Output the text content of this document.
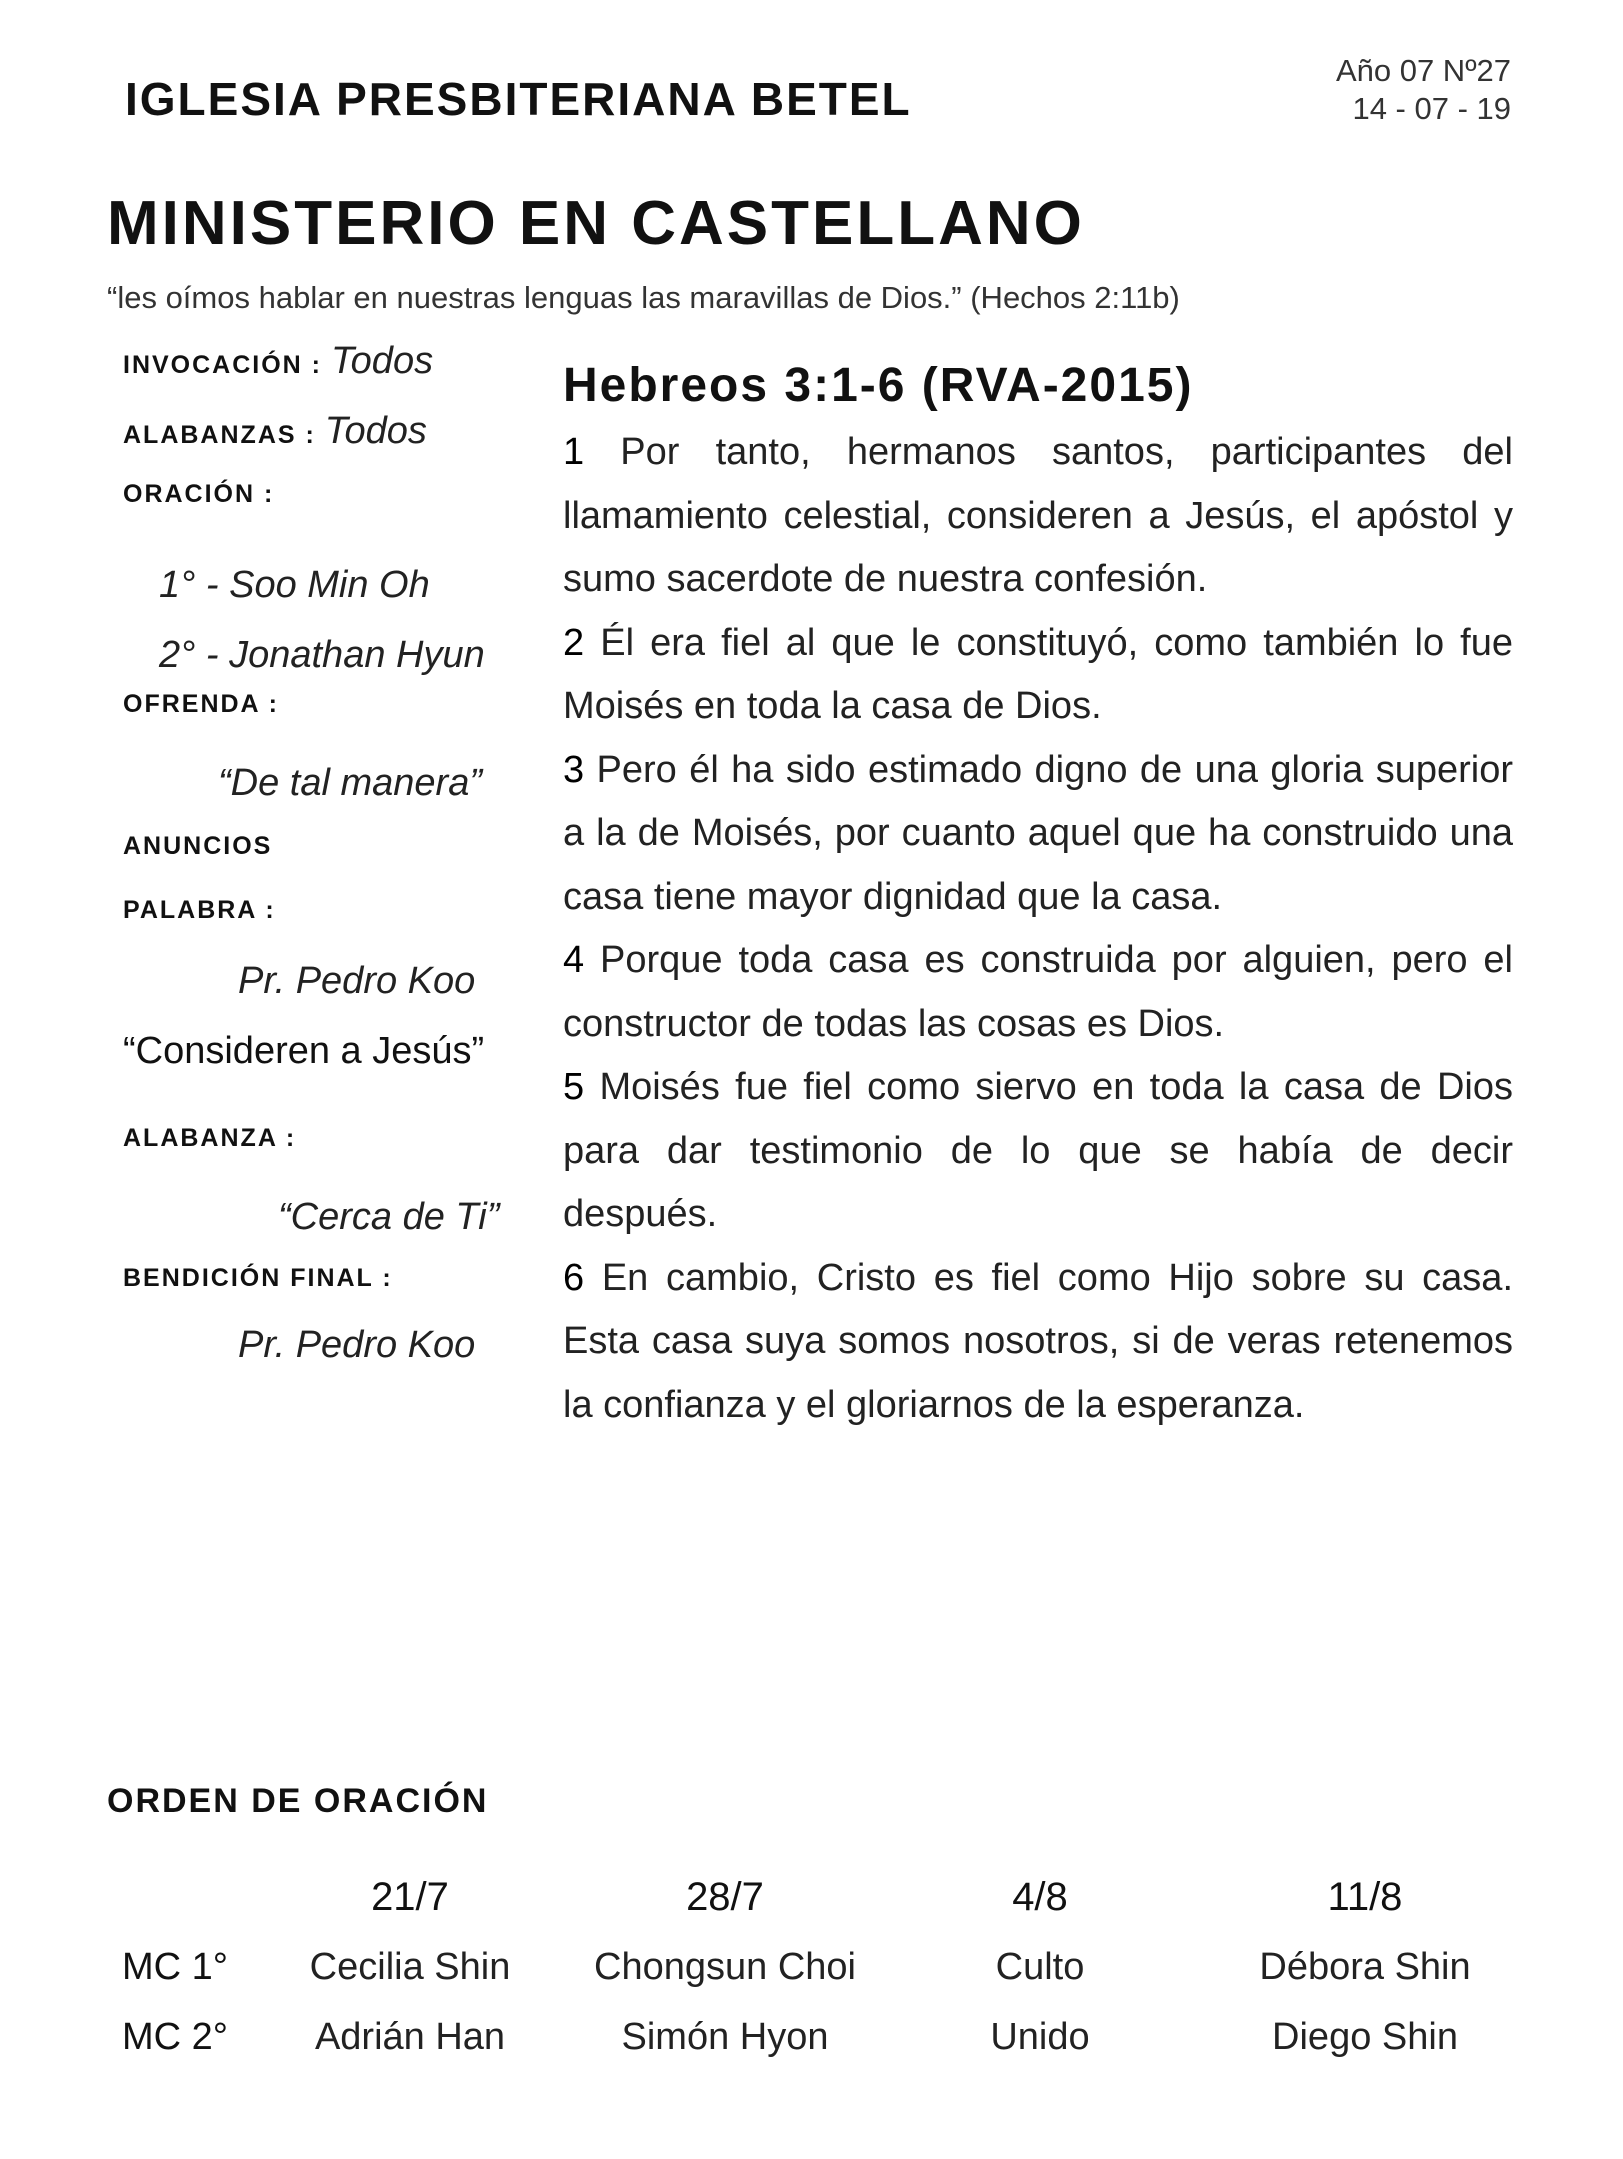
IGLESIA PRESBITERIANA BETEL
Año 07 Nº27
14 - 07 - 19
MINISTERIO EN CASTELLANO
“les oímos hablar en nuestras lenguas las maravillas de Dios.” (Hechos 2:11b)
INVOCACIÓN : Todos
ALABANZAS : Todos
ORACIÓN :
1° - Soo Min Oh
2° - Jonathan Hyun
OFRENDA :
“De tal manera”
ANUNCIOS
PALABRA :
Pr. Pedro Koo
“Consideren a Jesús”
ALABANZA :
“Cerca de Ti”
BENDICIÓN FINAL :
Pr. Pedro Koo
Hebreos 3:1-6 (RVA-2015)

1 Por tanto, hermanos santos, participantes del llamamiento celestial, consideren a Jesús, el apóstol y sumo sacerdote de nuestra confesión.

2 Él era fiel al que le constituyó, como también lo fue Moisés en toda la casa de Dios.

3 Pero él ha sido estimado digno de una gloria superior a la de Moisés, por cuanto aquel que ha construido una casa tiene mayor dignidad que la casa.

4 Porque toda casa es construida por alguien, pero el constructor de todas las cosas es Dios.

5 Moisés fue fiel como siervo en toda la casa de Dios para dar testimonio de lo que se había de decir después.

6 En cambio, Cristo es fiel como Hijo sobre su casa. Esta casa suya somos nosotros, si de veras retenemos la confianza y el gloriarnos de la esperanza.

ORDEN DE ORACIÓN
	21/7	28/7	4/8	11/8
MC 1°	Cecilia Shin	Chongsun Choi	Culto	Débora Shin
MC 2°	Adrián Han	Simón Hyon	Unido	Diego Shin
